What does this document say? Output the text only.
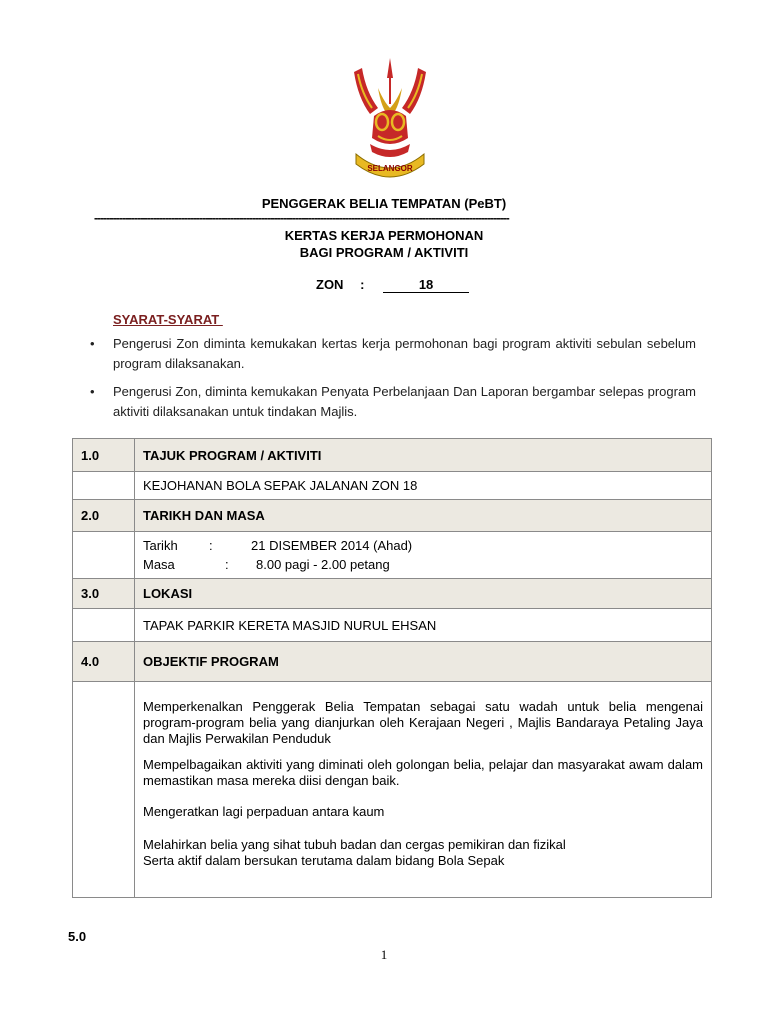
SELANGOR
PENGGERAK BELIA TEMPATAN (PeBT)
--------------------------------------------------------------------------------------------------------------------------------------
KERTAS KERJA PERMOHONAN
BAGI PROGRAM / AKTIVITI
ZON :	18
SYARAT-SYARAT
• Pengerusi Zon diminta kemukakan kertas kerja permohonan bagi program aktiviti sebulan sebelum program dilaksanakan.
• Pengerusi Zon, diminta kemukakan Penyata Perbelanjaan Dan Laporan bergambar selepas program aktiviti dilaksanakan untuk tindakan Majlis.
1.0	TAJUK PROGRAM / AKTIVITI
	KEJOHANAN BOLA SEPAK JALANAN ZON 18
2.0	TARIKH DAN MASA

	Tarikh : 21 DISEMBER 2014 (Ahad)
Masa : 8.00 pagi - 2.00 petang

3.0	LOKASI
	TAPAK PARKIR KERETA MASJID NURUL EHSAN
4.0	OBJEKTIF PROGRAM

	Memperkenalkan Penggerak Belia Tempatan sebagai satu wadah untuk belia mengenai program-program belia yang dianjurkan oleh Kerajaan Negeri , Majlis Bandaraya Petaling Jaya dan Majlis Perwakilan Penduduk

Mempelbagaikan aktiviti yang diminati oleh golongan belia, pelajar dan masyarakat awam dalam memastikan masa mereka diisi dengan baik.

Mengeratkan lagi perpaduan antara kaum

Melahirkan belia yang sihat tubuh badan dan cergas pemikiran dan fizikal

Serta aktif dalam bersukan terutama dalam bidang Bola Sepak

5.0
1
